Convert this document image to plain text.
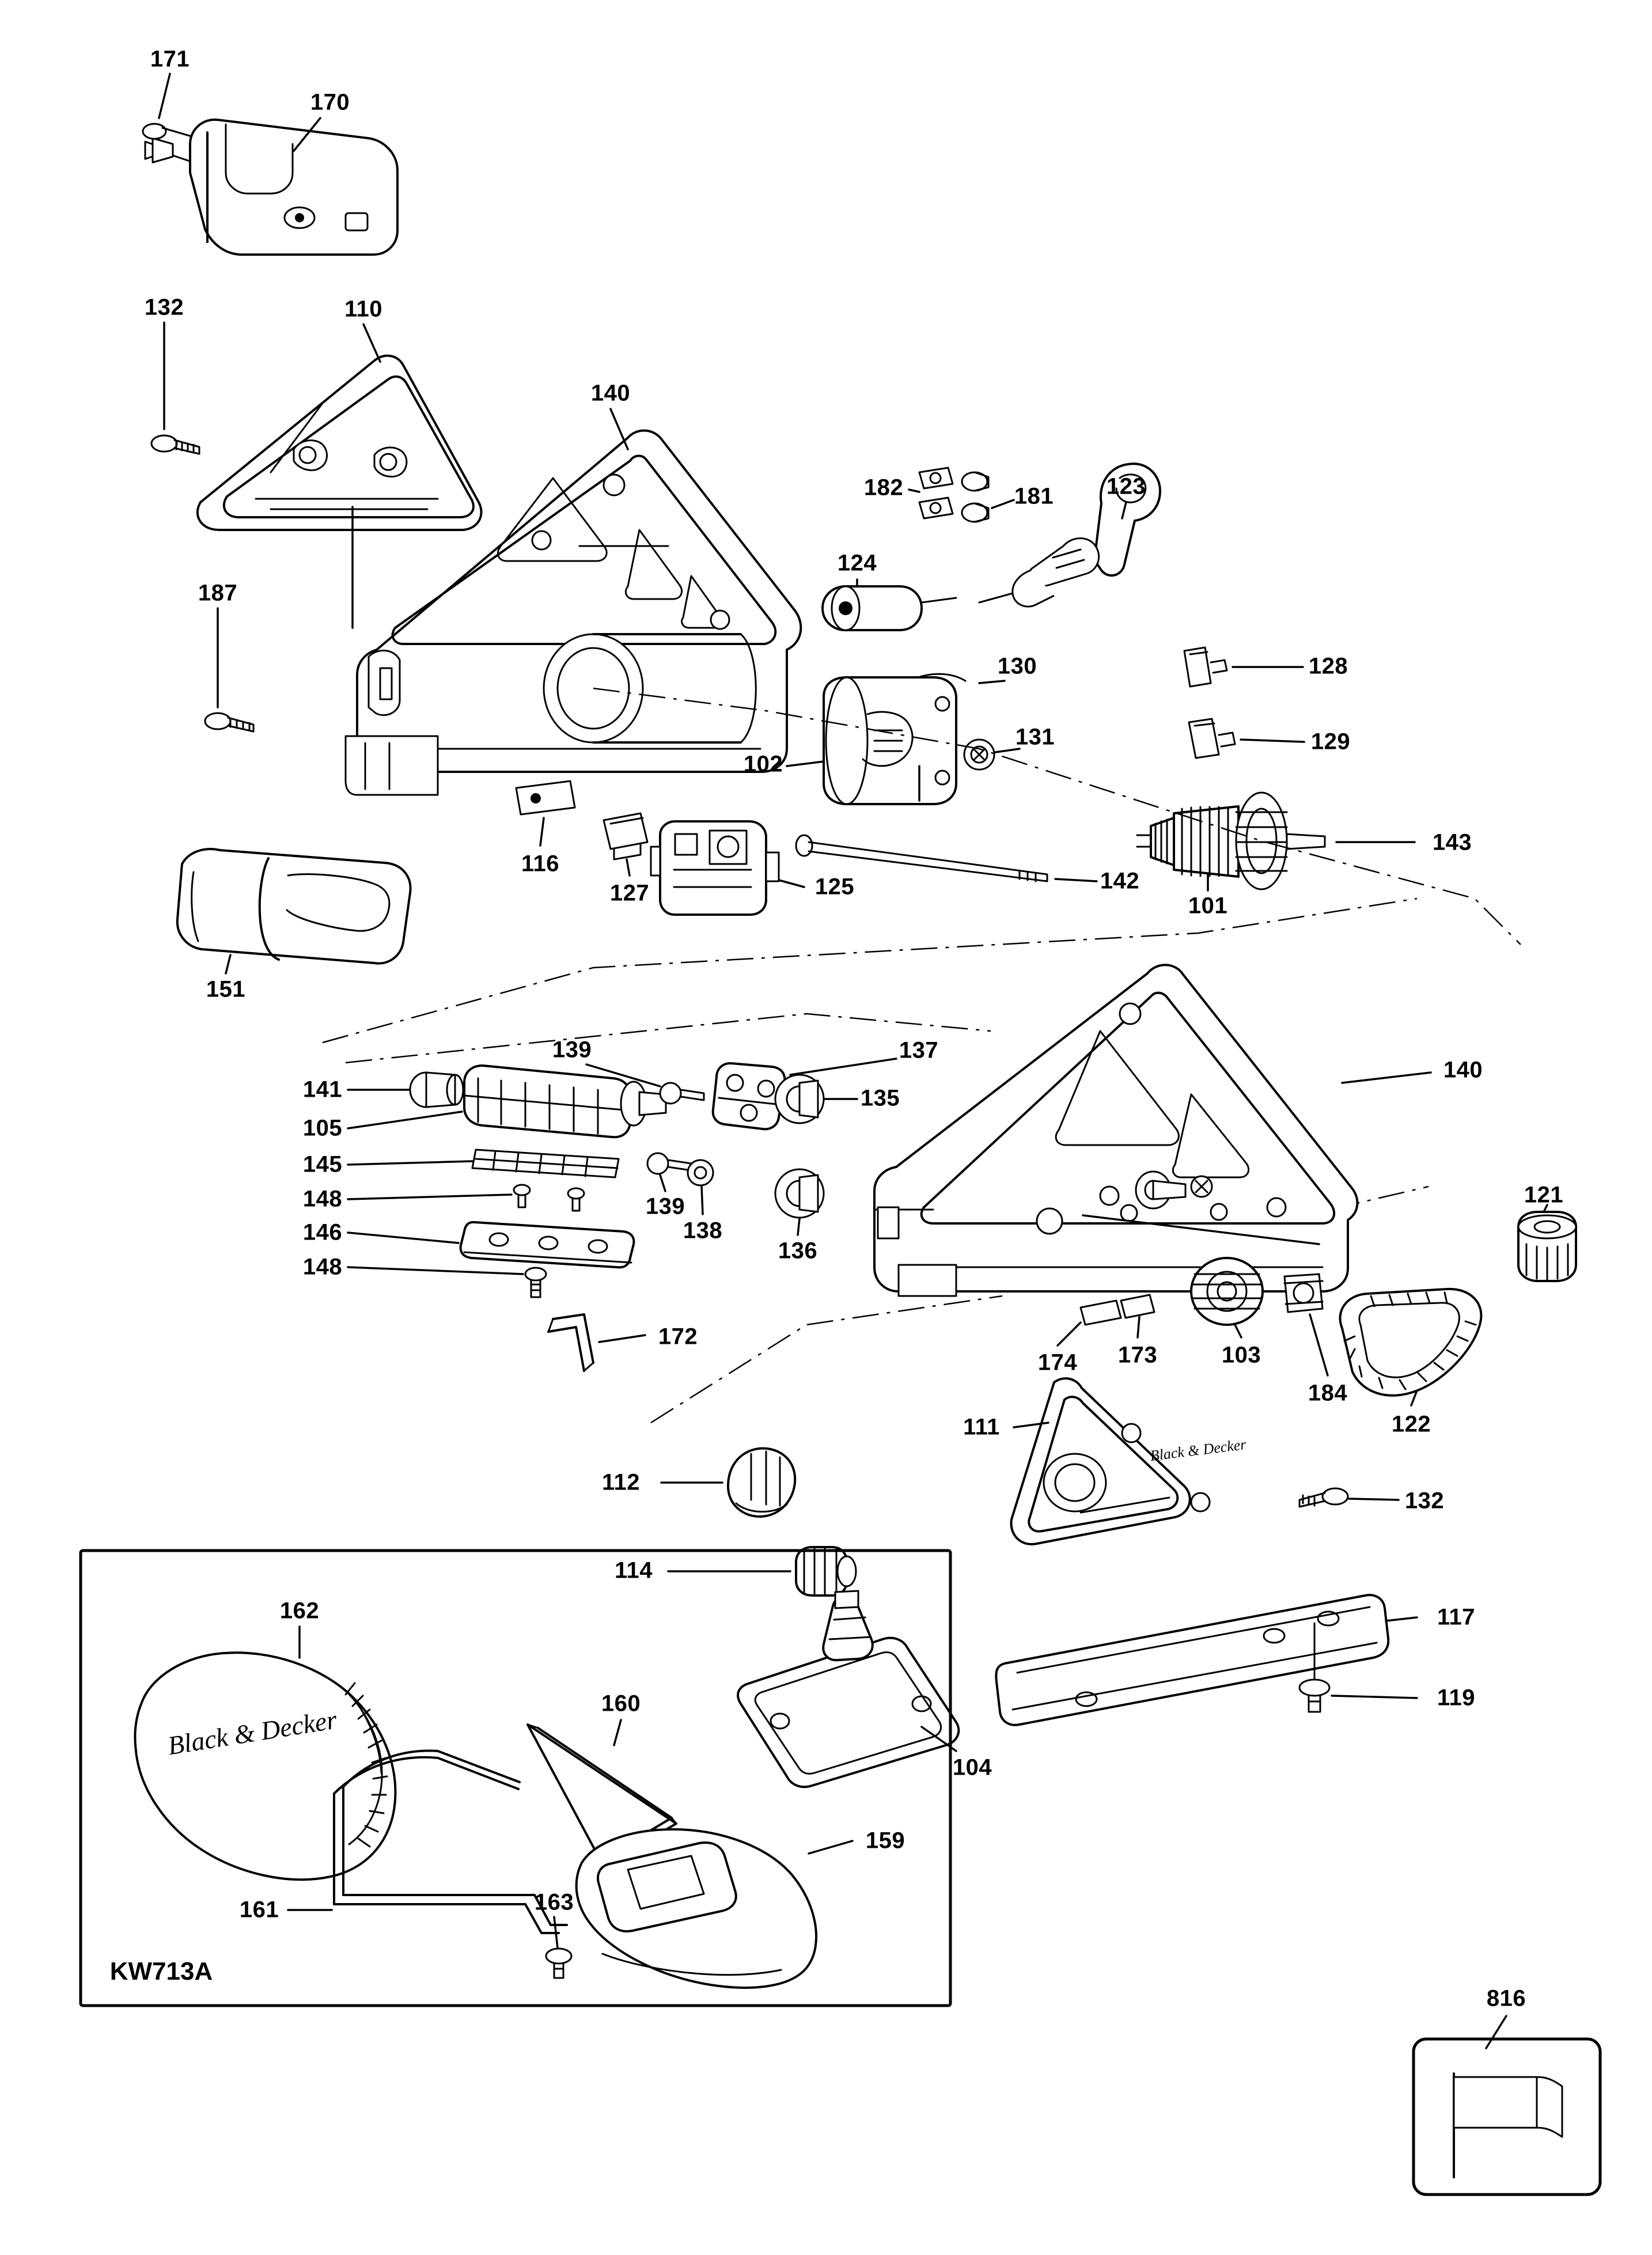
171
170
132	110
140
182	181 123
124
187
130	128
131
102
129
143
116
127	125	142
101
151
139	137
140
141	135
105
145
148	139	121
146	138
148
136
172
174 173	103
184
122
111
112
132
114
117
162
119
104
160
159
161	163
816
KW713A
Black & Decker
Black & Decker
